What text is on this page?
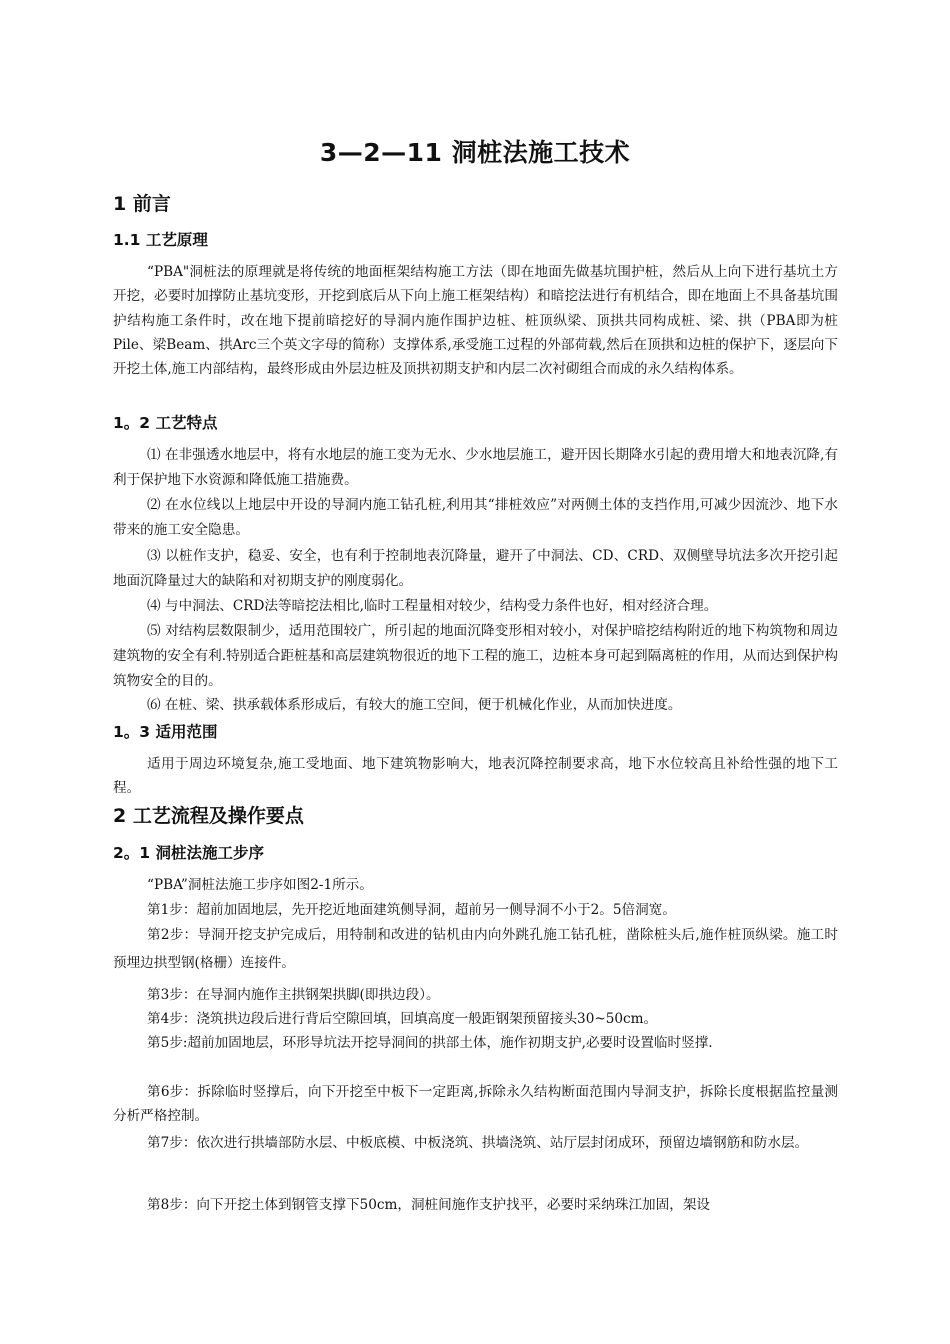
3—2—11 洞桩法施工技术
1 前言
1.1 工艺原理
“PBA"洞桩法的原理就是将传统的地面框架结构施工方法（即在地面先做基坑围护桩，然后从上向下进行基坑土方开挖，必要时加撑防止基坑变形，开挖到底后从下向上施工框架结构）和暗挖法进行有机结合，即在地面上不具备基坑围护结构施工条件时，改在地下提前暗挖好的导洞内施作围护边桩、桩顶纵梁、顶拱共同构成桩、梁、拱（PBA即为桩Pile、梁Beam、拱Arc三个英文字母的简称）支撑体系,承受施工过程的外部荷载,然后在顶拱和边桩的保护下，逐层向下开挖土体,施工内部结构，最终形成由外层边桩及顶拱初期支护和内层二次衬砌组合而成的永久结构体系。
1。2 工艺特点
⑴ 在非强透水地层中，将有水地层的施工变为无水、少水地层施工，避开因长期降水引起的费用增大和地表沉降,有利于保护地下水资源和降低施工措施费。
⑵ 在水位线以上地层中开设的导洞内施工钻孔桩,利用其“排桩效应”对两侧土体的支挡作用,可减少因流沙、地下水带来的施工安全隐患。
⑶ 以桩作支护，稳妥、安全，也有利于控制地表沉降量，避开了中洞法、CD、CRD、双侧壁导坑法多次开挖引起地面沉降量过大的缺陷和对初期支护的刚度弱化。
⑷ 与中洞法、CRD法等暗挖法相比,临时工程量相对较少，结构受力条件也好，相对经济合理。
⑸ 对结构层数限制少，适用范围较广，所引起的地面沉降变形相对较小，对保护暗挖结构附近的地下构筑物和周边建筑物的安全有利.特别适合距桩基和高层建筑物很近的地下工程的施工，边桩本身可起到隔离桩的作用，从而达到保护构筑物安全的目的。
⑹ 在桩、梁、拱承载体系形成后，有较大的施工空间，便于机械化作业，从而加快进度。
1。3 适用范围
适用于周边环境复杂,施工受地面、地下建筑物影响大，地表沉降控制要求高，地下水位较高且补给性强的地下工程。
2 工艺流程及操作要点
2。1 洞桩法施工步序
“PBA”洞桩法施工步序如图2-1所示。
第1步：超前加固地层，先开挖近地面建筑侧导洞，超前另一侧导洞不小于2。5倍洞宽。
第2步：导洞开挖支护完成后，用特制和改进的钻机由内向外跳孔施工钻孔桩，凿除桩头后,施作桩顶纵梁。施工时预埋边拱型钢(格栅）连接件。
第3步：在导洞内施作主拱钢架拱脚(即拱边段）。
第4步：浇筑拱边段后进行背后空隙回填，回填高度一般距钢架预留接头30~50cm。
第5步:超前加固地层，环形导坑法开挖导洞间的拱部土体，施作初期支护,必要时设置临时竖撑.
第6步：拆除临时竖撑后，向下开挖至中板下一定距离,拆除永久结构断面范围内导洞支护，拆除长度根据监控量测分析严格控制。
第7步：依次进行拱墙部防水层、中板底模、中板浇筑、拱墙浇筑、站厅层封闭成环，预留边墙钢筋和防水层。
第8步：向下开挖土体到钢管支撑下50cm，洞桩间施作支护找平，必要时采纳珠江加固，架设
